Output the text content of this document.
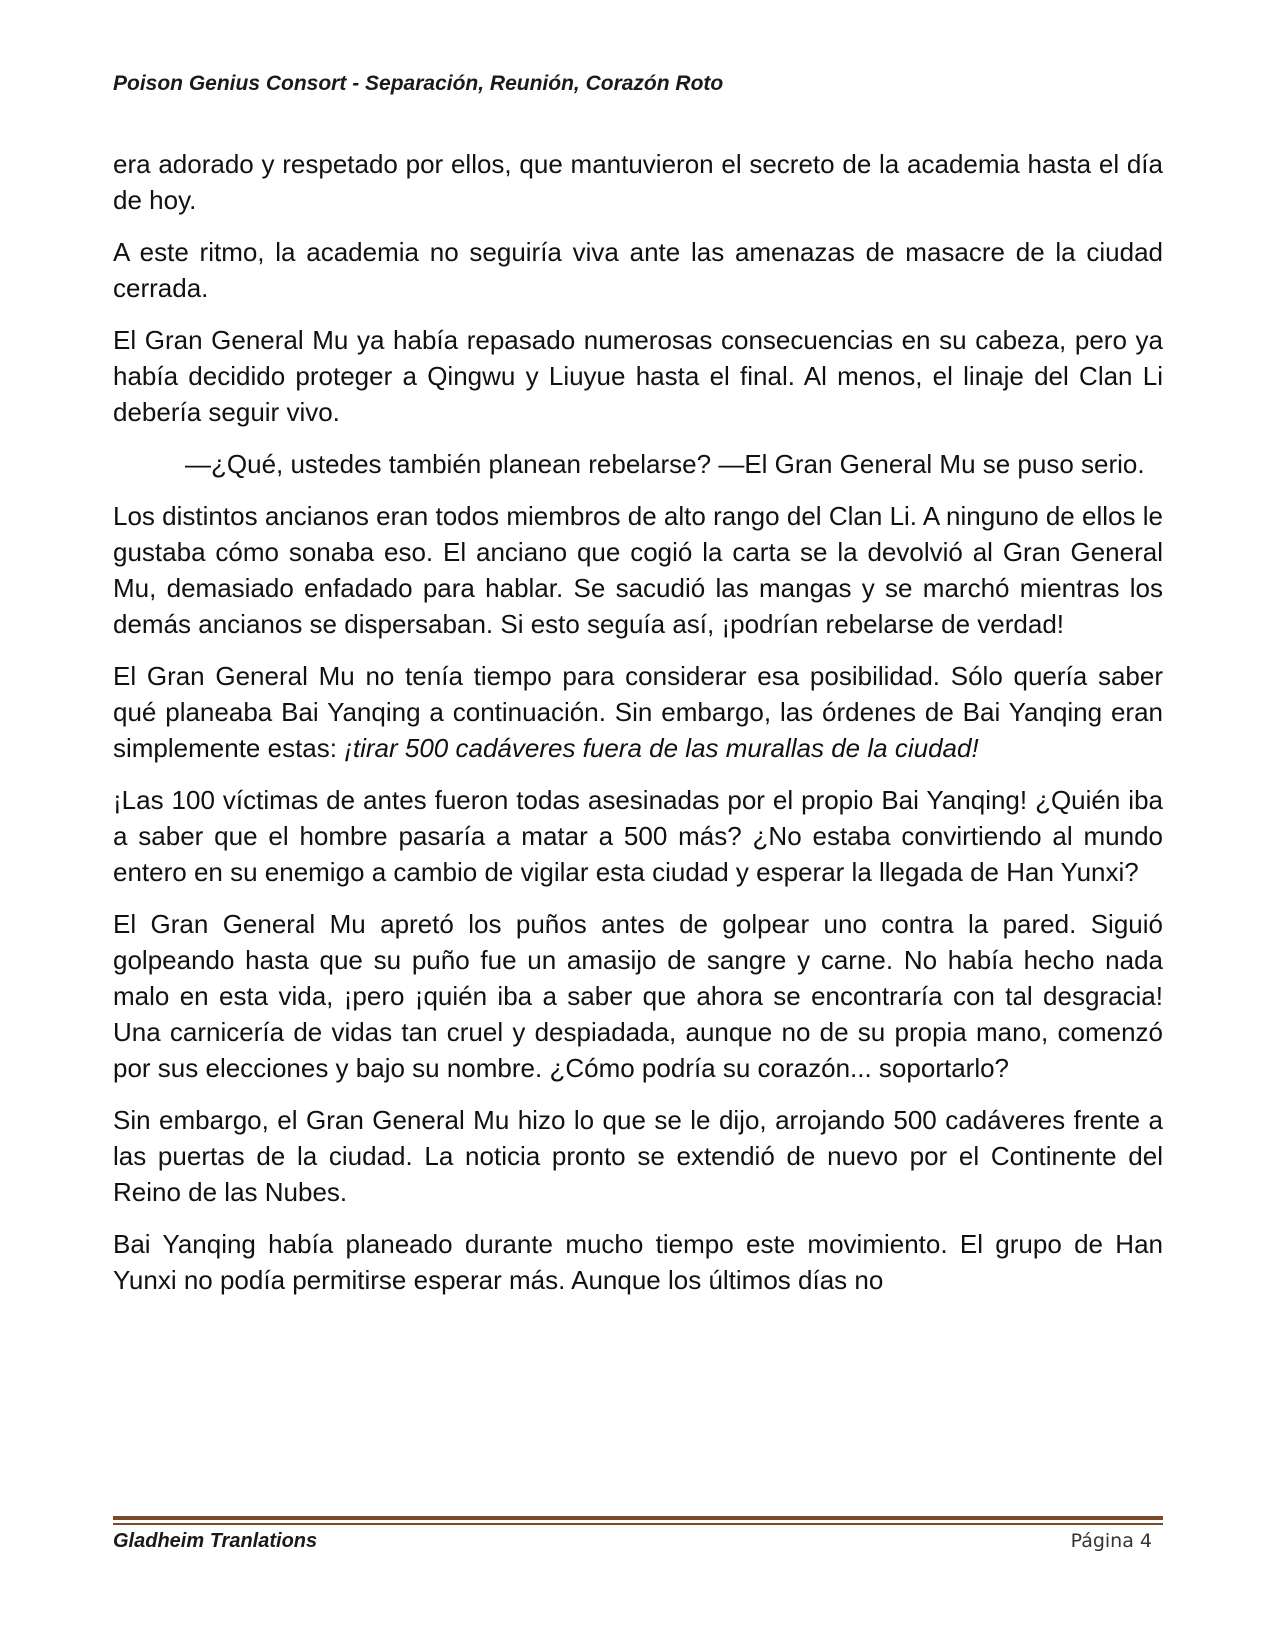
Poison Genius Consort - Separación, Reunión, Corazón Roto

era adorado y respetado por ellos, que mantuvieron el secreto de la academia hasta el día de hoy.

A este ritmo, la academia no seguiría viva ante las amenazas de masacre de la ciudad cerrada.

El Gran General Mu ya había repasado numerosas consecuencias en su cabeza, pero ya había decidido proteger a Qingwu y Liuyue hasta el final. Al menos, el linaje del Clan Li debería seguir vivo.

—¿Qué, ustedes también planean rebelarse? —El Gran General Mu se puso serio.

Los distintos ancianos eran todos miembros de alto rango del Clan Li. A ninguno de ellos le gustaba cómo sonaba eso. El anciano que cogió la carta se la devolvió al Gran General Mu, demasiado enfadado para hablar. Se sacudió las mangas y se marchó mientras los demás ancianos se dispersaban. Si esto seguía así, ¡podrían rebelarse de verdad!

El Gran General Mu no tenía tiempo para considerar esa posibilidad. Sólo quería saber qué planeaba Bai Yanqing a continuación. Sin embargo, las órdenes de Bai Yanqing eran simplemente estas: ¡tirar 500 cadáveres fuera de las murallas de la ciudad!

¡Las 100 víctimas de antes fueron todas asesinadas por el propio Bai Yanqing! ¿Quién iba a saber que el hombre pasaría a matar a 500 más? ¿No estaba convirtiendo al mundo entero en su enemigo a cambio de vigilar esta ciudad y esperar la llegada de Han Yunxi?

El Gran General Mu apretó los puños antes de golpear uno contra la pared. Siguió golpeando hasta que su puño fue un amasijo de sangre y carne. No había hecho nada malo en esta vida, ¡pero ¡quién iba a saber que ahora se encontraría con tal desgracia! Una carnicería de vidas tan cruel y despiadada, aunque no de su propia mano, comenzó por sus elecciones y bajo su nombre. ¿Cómo podría su corazón... soportarlo?

Sin embargo, el Gran General Mu hizo lo que se le dijo, arrojando 500 cadáveres frente a las puertas de la ciudad. La noticia pronto se extendió de nuevo por el Continente del Reino de las Nubes.

Bai Yanqing había planeado durante mucho tiempo este movimiento. El grupo de Han Yunxi no podía permitirse esperar más. Aunque los últimos días no

Gladheim Tranlations	Página 4
